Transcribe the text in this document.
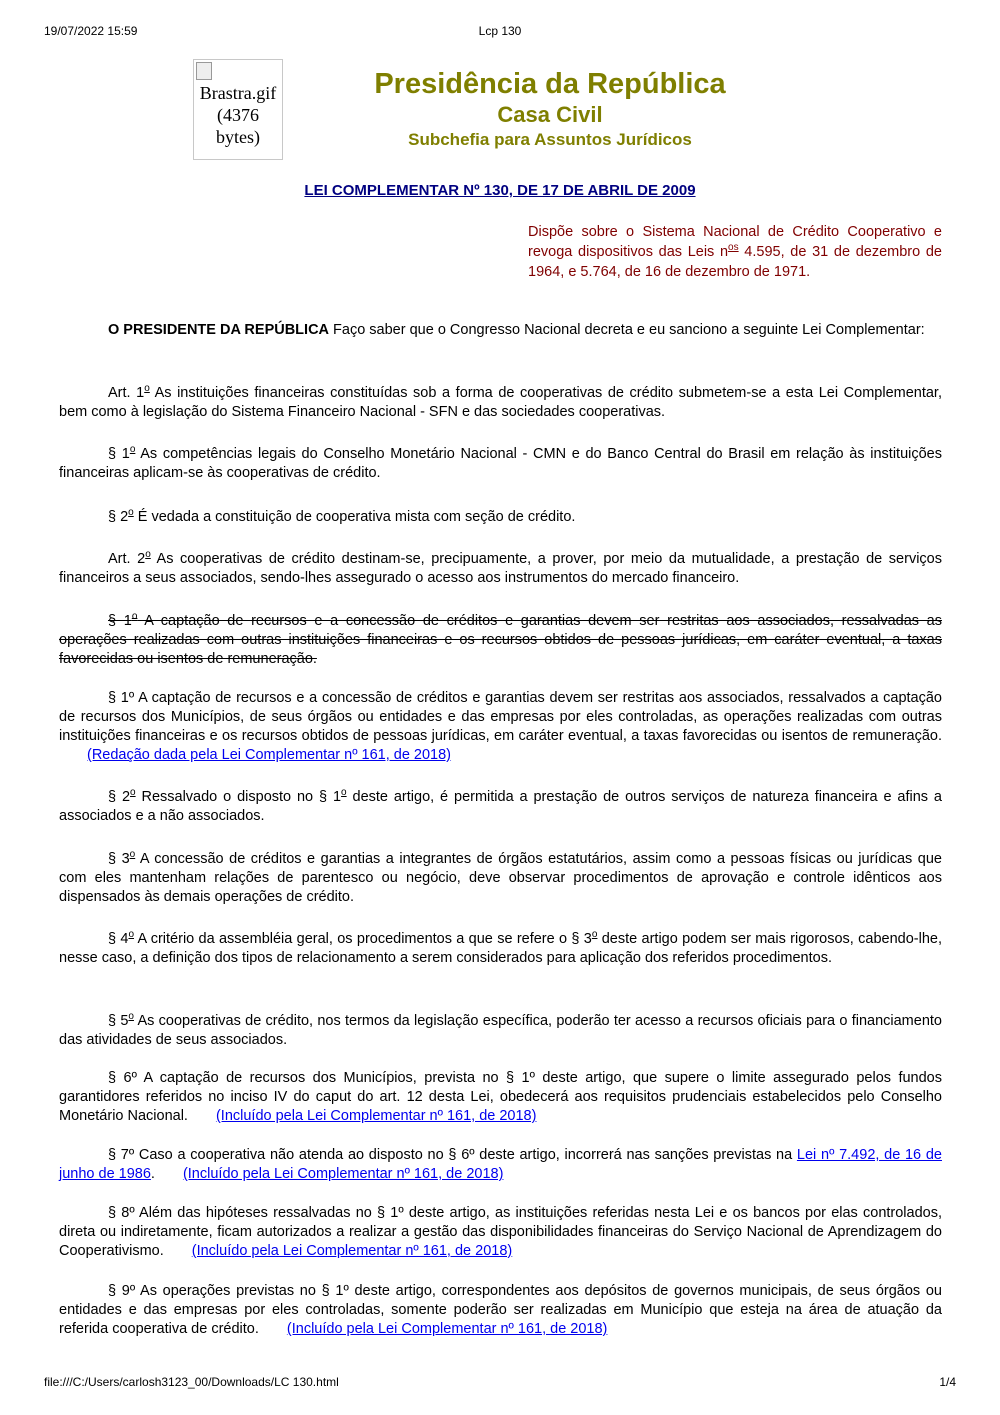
19/07/2022 15:59	Lcp 130
Brastra.gif (4376 bytes)
Presidência da República
Casa Civil
Subchefia para Assuntos Jurídicos
LEI COMPLEMENTAR Nº 130, DE 17 DE ABRIL DE 2009
Dispõe sobre o Sistema Nacional de Crédito Cooperativo e revoga dispositivos das Leis $n^{os}$ 4.595, de 31 de dezembro de 1964, e 5.764, de 16 de dezembro de 1971.
O PRESIDENTE DA REPÚBLICA Faço saber que o Congresso Nacional decreta e eu sanciono a seguinte Lei Complementar:
Art. 1$^o$ As instituições financeiras constituídas sob a forma de cooperativas de crédito submetem-se a esta Lei Complementar, bem como à legislação do Sistema Financeiro Nacional - SFN e das sociedades cooperativas.
§ 1$^o$ As competências legais do Conselho Monetário Nacional - CMN e do Banco Central do Brasil em relação às instituições financeiras aplicam-se às cooperativas de crédito.
§ 2$^o$ É vedada a constituição de cooperativa mista com seção de crédito.
Art. 2$^o$ As cooperativas de crédito destinam-se, precipuamente, a prover, por meio da mutualidade, a prestação de serviços financeiros a seus associados, sendo-lhes assegurado o acesso aos instrumentos do mercado financeiro.
§ 1$^o$ A captação de recursos e a concessão de créditos e garantias devem ser restritas aos associados, ressalvadas as operações realizadas com outras instituições financeiras e os recursos obtidos de pessoas jurídicas, em caráter eventual, a taxas favorecidas ou isentos de remuneração.
§ 1º A captação de recursos e a concessão de créditos e garantias devem ser restritas aos associados, ressalvados a captação de recursos dos Municípios, de seus órgãos ou entidades e das empresas por eles controladas, as operações realizadas com outras instituições financeiras e os recursos obtidos de pessoas jurídicas, em caráter eventual, a taxas favorecidas ou isentos de remuneração.(Redação dada pela Lei Complementar nº 161, de 2018)
§ 2$^o$ Ressalvado o disposto no § 1$^o$ deste artigo, é permitida a prestação de outros serviços de natureza financeira e afins a associados e a não associados.
§ 3$^o$ A concessão de créditos e garantias a integrantes de órgãos estatutários, assim como a pessoas físicas ou jurídicas que com eles mantenham relações de parentesco ou negócio, deve observar procedimentos de aprovação e controle idênticos aos dispensados às demais operações de crédito.
§ 4$^o$ A critério da assembléia geral, os procedimentos a que se refere o § 3$^o$ deste artigo podem ser mais rigorosos, cabendo-lhe, nesse caso, a definição dos tipos de relacionamento a serem considerados para aplicação dos referidos procedimentos.
§ 5$^o$ As cooperativas de crédito, nos termos da legislação específica, poderão ter acesso a recursos oficiais para o financiamento das atividades de seus associados.
§ 6º A captação de recursos dos Municípios, prevista no § 1º deste artigo, que supere o limite assegurado pelos fundos garantidores referidos no inciso IV do caput do art. 12 desta Lei, obedecerá aos requisitos prudenciais estabelecidos pelo Conselho Monetário Nacional. (Incluído pela Lei Complementar nº 161, de 2018)
§ 7º Caso a cooperativa não atenda ao disposto no § 6º deste artigo, incorrerá nas sanções previstas na Lei nº 7.492, de 16 de junho de 1986. (Incluído pela Lei Complementar nº 161, de 2018)
§ 8º Além das hipóteses ressalvadas no § 1º deste artigo, as instituições referidas nesta Lei e os bancos por elas controlados, direta ou indiretamente, ficam autorizados a realizar a gestão das disponibilidades financeiras do Serviço Nacional de Aprendizagem do Cooperativismo. (Incluído pela Lei Complementar nº 161, de 2018)
§ 9º As operações previstas no § 1º deste artigo, correspondentes aos depósitos de governos municipais, de seus órgãos ou entidades e das empresas por eles controladas, somente poderão ser realizadas em Município que esteja na área de atuação da referida cooperativa de crédito. (Incluído pela Lei Complementar nº 161, de 2018)
file:///C:/Users/carlosh3123_00/Downloads/LC 130.html	1/4
